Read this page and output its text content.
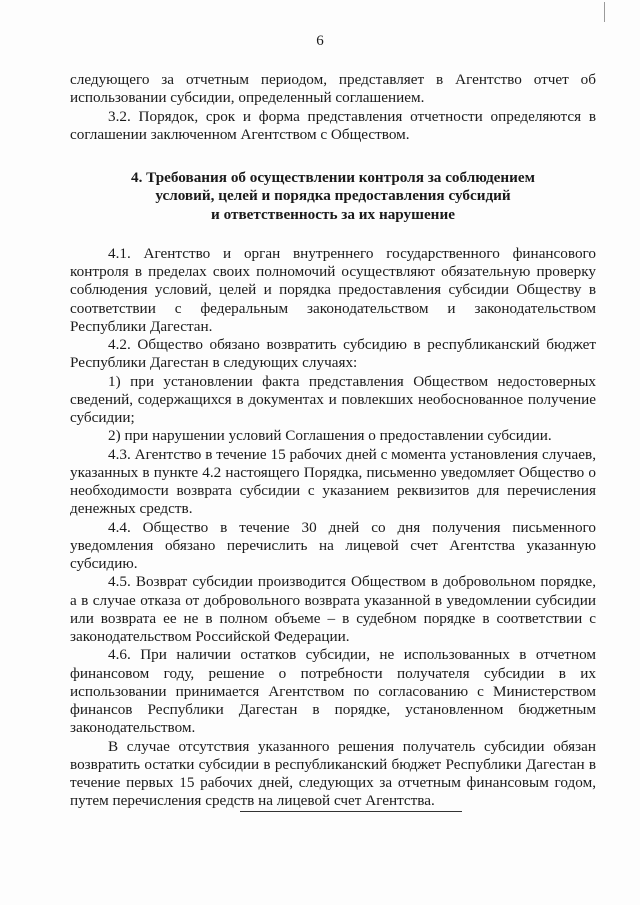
6

следующего за отчетным периодом, представляет в Агентство отчет об использовании субсидии, определенный соглашением.

3.2. Порядок, срок и форма представления отчетности определяются в соглашении заключенном Агентством с Обществом.

4. Требования об осуществлении контроля за соблюдением
условий, целей и порядка предоставления субсидий
и ответственность за их нарушение

4.1. Агентство и орган внутреннего государственного финансового контроля в пределах своих полномочий осуществляют обязательную проверку соблюдения условий, целей и порядка предоставления субсидии Обществу в соответствии с федеральным законодательством и законодательством Республики Дагестан.

4.2. Общество обязано возвратить субсидию в республиканский бюджет Республики Дагестан в следующих случаях:

1) при установлении факта представления Обществом недостоверных сведений, содержащихся в документах и повлекших необоснованное получение субсидии;

2) при нарушении условий Соглашения о предоставлении субсидии.

4.3. Агентство в течение 15 рабочих дней с момента установления случаев, указанных в пункте 4.2 настоящего Порядка, письменно уведомляет Общество о необходимости возврата субсидии с указанием реквизитов для перечисления денежных средств.

4.4. Общество в течение 30 дней со дня получения письменного уведомления обязано перечислить на лицевой счет Агентства указанную субсидию.

4.5. Возврат субсидии производится Обществом в добровольном порядке, а в случае отказа от добровольного возврата указанной в уведомлении субсидии или возврата ее не в полном объеме – в судебном порядке в соответствии с законодательством Российской Федерации.

4.6. При наличии остатков субсидии, не использованных в отчетном финансовом году, решение о потребности получателя субсидии в их использовании принимается Агентством по согласованию с Министерством финансов Республики Дагестан в порядке, установленном бюджетным законодательством.

В случае отсутствия указанного решения получатель субсидии обязан возвратить остатки субсидии в республиканский бюджет Республики Дагестан в течение первых 15 рабочих дней, следующих за отчетным финансовым годом, путем перечисления средств на лицевой счет Агентства.
